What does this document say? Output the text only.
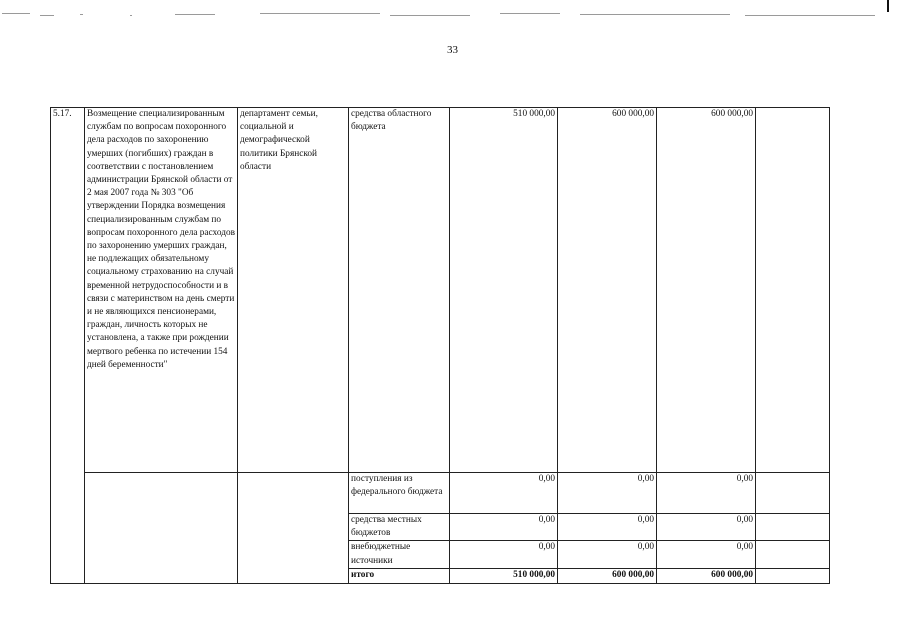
33
5.17.	Возмещение специализированным службам по вопросам похоронного дела расходов по захоронению умерших (погибших) граждан в соответствии с постановлением администрации Брянской области от 2 мая 2007 года № 303 "Об утверждении Порядка возмещения специализированным службам по вопросам похоронного дела расходов по захоронению умерших граждан, не подлежащих обязательному социальному страхованию на случай временной нетрудоспособности и в связи с материнством на день смерти и не являющихся пенсионерами, граждан, личность которых не установлена, а также при рождении мертвого ребенка по истечении 154 дней беременности"	департамент семьи, социальной и демографической политики Брянской области	средства областного бюджета	510 000,00	600 000,00	600 000,00	
			поступления из федерального бюджета	0,00	0,00	0,00	
			средства местных бюджетов	0,00	0,00	0,00	
			внебюджетные источники	0,00	0,00	0,00	
			итого	510 000,00	600 000,00	600 000,00	
